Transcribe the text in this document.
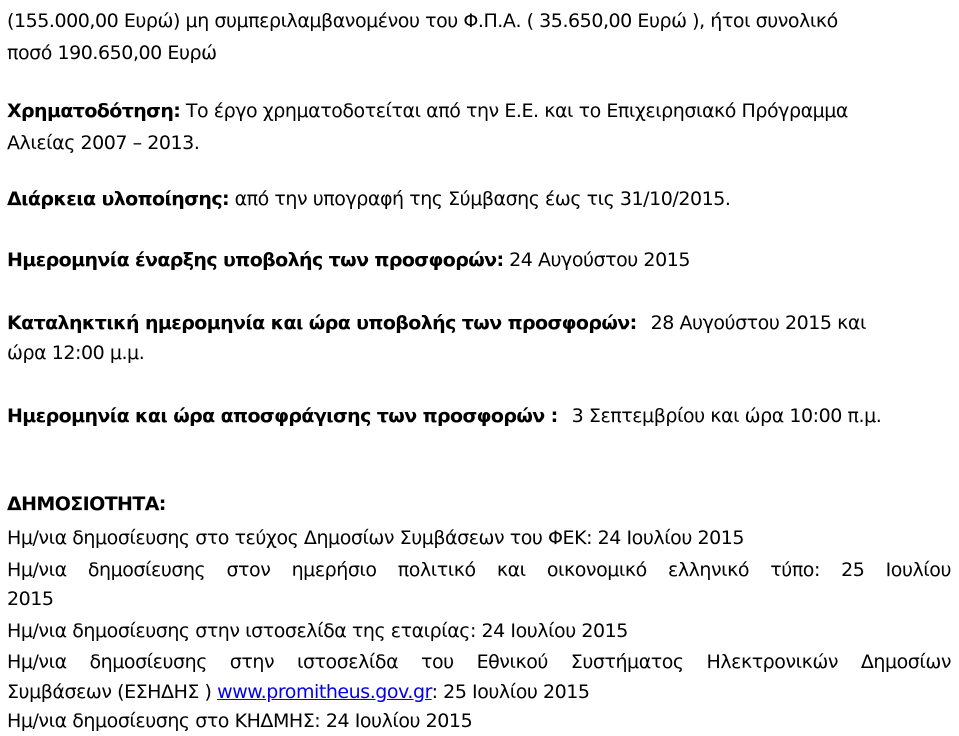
(155.000,00 Ευρώ) μη συμπεριλαμβανομένου του Φ.Π.Α. ( 35.650,00 Ευρώ ), ήτοι συνολικό
ποσό 190.650,00 Ευρώ
Χρηματοδότηση: Το έργο χρηματοδοτείται από την Ε.Ε. και το Επιχειρησιακό Πρόγραμμα
Αλιείας 2007 – 2013.
Διάρκεια υλοποίησης: από την υπογραφή της Σύμβασης έως τις 31/10/2015.
Ημερομηνία έναρξης υποβολής των προσφορών: 24 Αυγούστου 2015
Καταληκτική ημερομηνία και ώρα υποβολής των προσφορών: 28 Αυγούστου 2015 και
ώρα 12:00 μ.μ.
Ημερομηνία και ώρα αποσφράγισης των προσφορών : 3 Σεπτεμβρίου και ώρα 10:00 π.μ.
ΔΗΜΟΣΙΟΤΗΤΑ:
Ημ/νια δημοσίευσης στο τεύχος Δημοσίων Συμβάσεων του ΦΕΚ: 24 Ιουλίου 2015
Ημ/νια δημοσίευσης στον ημερήσιο πολιτικό και οικονομικό ελληνικό τύπο: 25 Ιουλίου
2015
Ημ/νια δημοσίευσης στην ιστοσελίδα της εταιρίας: 24 Ιουλίου 2015
Ημ/νια δημοσίευσης στην ιστοσελίδα του Εθνικού Συστήματος Ηλεκτρονικών Δημοσίων
Συμβάσεων (ΕΣΗΔΗΣ ) www.promitheus.gov.gr: 25 Ιουλίου 2015
Ημ/νια δημοσίευσης στο ΚΗΔΜΗΣ: 24 Ιουλίου 2015
